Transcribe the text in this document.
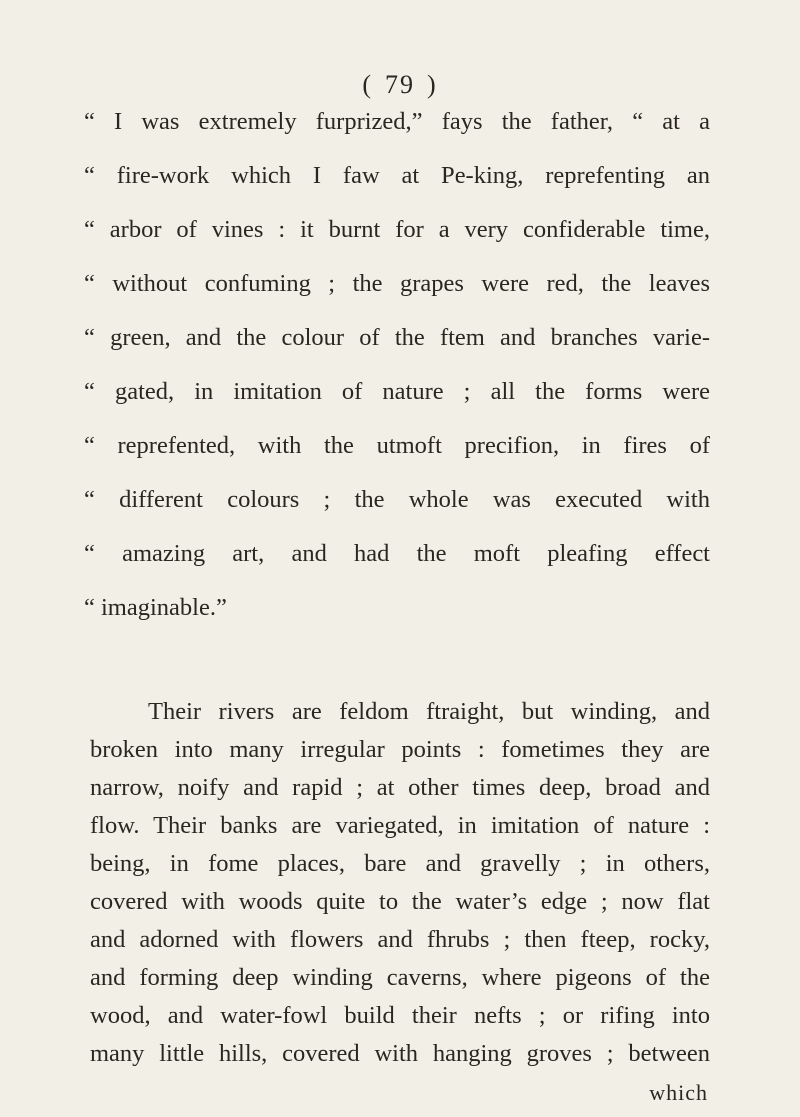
( 79 )
“ I was extremely furprized,” fays the father, “ at a
“ fire-work which I faw at Pe-king, reprefenting an
“ arbor of vines : it burnt for a very confiderable time,
“ without confuming ; the grapes were red, the leaves
“ green, and the colour of the ftem and branches varie-
“ gated, in imitation of nature ; all the forms were
“ reprefented, with the utmoft precifion, in fires of
“ different colours ; the whole was executed with
“ amazing art, and had the moft pleafing effect
“ imaginable.”
Their rivers are feldom ftraight, but winding, and
broken into many irregular points : fometimes they are
narrow, noify and rapid ; at other times deep, broad and
flow. Their banks are variegated, in imitation of nature :
being, in fome places, bare and gravelly ; in others,
covered with woods quite to the water’s edge ; now flat
and adorned with flowers and fhrubs ; then fteep, rocky,
and forming deep winding caverns, where pigeons of the
wood, and water-fowl build their nefts ; or rifing into
many little hills, covered with hanging groves ; between
which
